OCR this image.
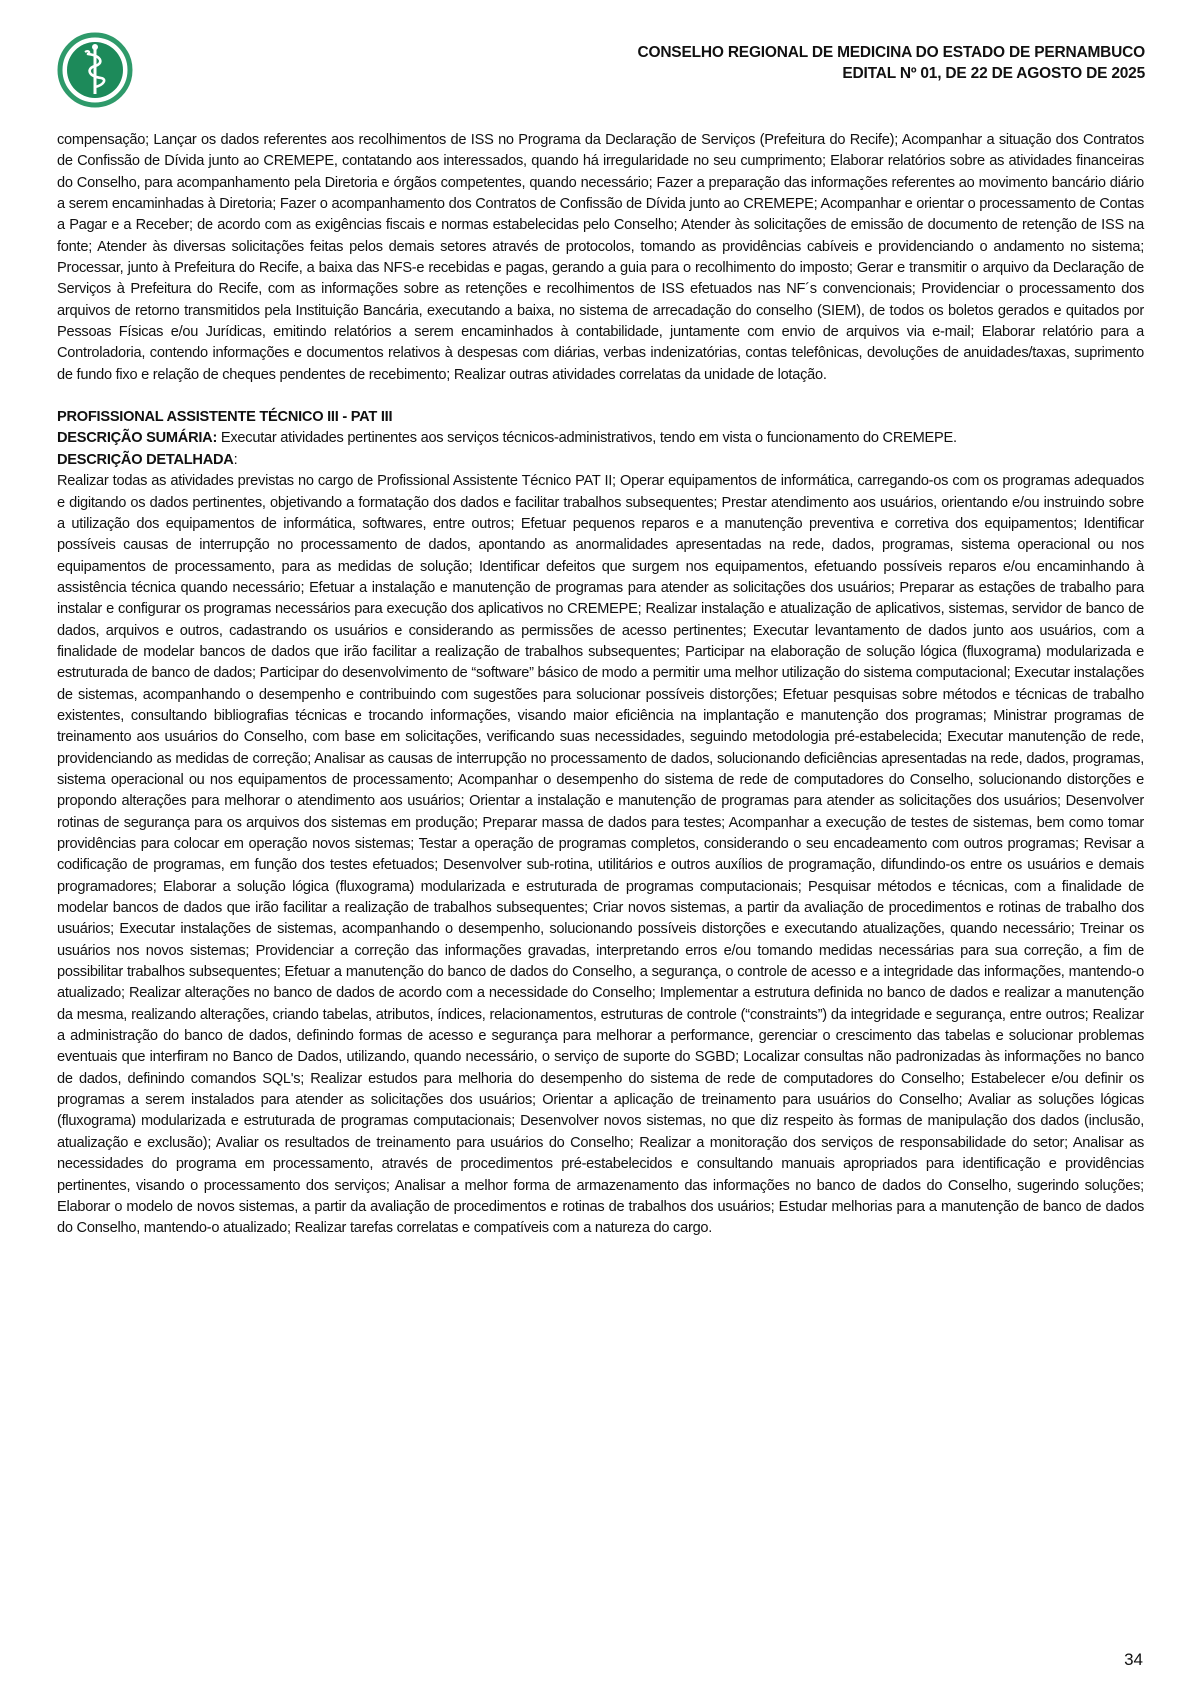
CONSELHO REGIONAL DE MEDICINA DO ESTADO DE PERNAMBUCO
EDITAL Nº 01, DE 22 DE AGOSTO DE 2025

compensação; Lançar os dados referentes aos recolhimentos de ISS no Programa da Declaração de Serviços (Prefeitura do Recife); Acompanhar a situação dos Contratos de Confissão de Dívida junto ao CREMEPE, contatando aos interessados, quando há irregularidade no seu cumprimento; Elaborar relatórios sobre as atividades financeiras do Conselho, para acompanhamento pela Diretoria e órgãos competentes, quando necessário; Fazer a preparação das informações referentes ao movimento bancário diário a serem encaminhadas à Diretoria; Fazer o acompanhamento dos Contratos de Confissão de Dívida junto ao CREMEPE; Acompanhar e orientar o processamento de Contas a Pagar e a Receber; de acordo com as exigências fiscais e normas estabelecidas pelo Conselho; Atender às solicitações de emissão de documento de retenção de ISS na fonte; Atender às diversas solicitações feitas pelos demais setores através de protocolos, tomando as providências cabíveis e providenciando o andamento no sistema; Processar, junto à Prefeitura do Recife, a baixa das NFS-e recebidas e pagas, gerando a guia para o recolhimento do imposto; Gerar e transmitir o arquivo da Declaração de Serviços à Prefeitura do Recife, com as informações sobre as retenções e recolhimentos de ISS efetuados nas NF´s convencionais; Providenciar o processamento dos arquivos de retorno transmitidos pela Instituição Bancária, executando a baixa, no sistema de arrecadação do conselho (SIEM), de todos os boletos gerados e quitados por Pessoas Físicas e/ou Jurídicas, emitindo relatórios a serem encaminhados à contabilidade, juntamente com envio de arquivos via e-mail; Elaborar relatório para a Controladoria, contendo informações e documentos relativos à despesas com diárias, verbas indenizatórias, contas telefônicas, devoluções de anuidades/taxas, suprimento de fundo fixo e relação de cheques pendentes de recebimento; Realizar outras atividades correlatas da unidade de lotação.

PROFISSIONAL ASSISTENTE TÉCNICO III - PAT III

DESCRIÇÃO SUMÁRIA: Executar atividades pertinentes aos serviços técnicos-administrativos, tendo em vista o funcionamento do CREMEPE.

DESCRIÇÃO DETALHADA:

Realizar todas as atividades previstas no cargo de Profissional Assistente Técnico PAT II; Operar equipamentos de informática, carregando-os com os programas adequados e digitando os dados pertinentes, objetivando a formatação dos dados e facilitar trabalhos subsequentes; Prestar atendimento aos usuários, orientando e/ou instruindo sobre a utilização dos equipamentos de informática, softwares, entre outros; Efetuar pequenos reparos e a manutenção preventiva e corretiva dos equipamentos; Identificar possíveis causas de interrupção no processamento de dados, apontando as anormalidades apresentadas na rede, dados, programas, sistema operacional ou nos equipamentos de processamento, para as medidas de solução; Identificar defeitos que surgem nos equipamentos, efetuando possíveis reparos e/ou encaminhando à assistência técnica quando necessário; Efetuar a instalação e manutenção de programas para atender as solicitações dos usuários; Preparar as estações de trabalho para instalar e configurar os programas necessários para execução dos aplicativos no CREMEPE; Realizar instalação e atualização de aplicativos, sistemas, servidor de banco de dados, arquivos e outros, cadastrando os usuários e considerando as permissões de acesso pertinentes; Executar levantamento de dados junto aos usuários, com a finalidade de modelar bancos de dados que irão facilitar a realização de trabalhos subsequentes; Participar na elaboração de solução lógica (fluxograma) modularizada e estruturada de banco de dados; Participar do desenvolvimento de “software” básico de modo a permitir uma melhor utilização do sistema computacional; Executar instalações de sistemas, acompanhando o desempenho e contribuindo com sugestões para solucionar possíveis distorções; Efetuar pesquisas sobre métodos e técnicas de trabalho existentes, consultando bibliografias técnicas e trocando informações, visando maior eficiência na implantação e manutenção dos programas; Ministrar programas de treinamento aos usuários do Conselho, com base em solicitações, verificando suas necessidades, seguindo metodologia pré-estabelecida; Executar manutenção de rede, providenciando as medidas de correção; Analisar as causas de interrupção no processamento de dados, solucionando deficiências apresentadas na rede, dados, programas, sistema operacional ou nos equipamentos de processamento; Acompanhar o desempenho do sistema de rede de computadores do Conselho, solucionando distorções e propondo alterações para melhorar o atendimento aos usuários; Orientar a instalação e manutenção de programas para atender as solicitações dos usuários; Desenvolver rotinas de segurança para os arquivos dos sistemas em produção; Preparar massa de dados para testes; Acompanhar a execução de testes de sistemas, bem como tomar providências para colocar em operação novos sistemas; Testar a operação de programas completos, considerando o seu encadeamento com outros programas; Revisar a codificação de programas, em função dos testes efetuados; Desenvolver sub-rotina, utilitários e outros auxílios de programação, difundindo-os entre os usuários e demais programadores; Elaborar a solução lógica (fluxograma) modularizada e estruturada de programas computacionais; Pesquisar métodos e técnicas, com a finalidade de modelar bancos de dados que irão facilitar a realização de trabalhos subsequentes; Criar novos sistemas, a partir da avaliação de procedimentos e rotinas de trabalho dos usuários; Executar instalações de sistemas, acompanhando o desempenho, solucionando possíveis distorções e executando atualizações, quando necessário; Treinar os usuários nos novos sistemas; Providenciar a correção das informações gravadas, interpretando erros e/ou tomando medidas necessárias para sua correção, a fim de possibilitar trabalhos subsequentes; Efetuar a manutenção do banco de dados do Conselho, a segurança, o controle de acesso e a integridade das informações, mantendo-o atualizado; Realizar alterações no banco de dados de acordo com a necessidade do Conselho; Implementar a estrutura definida no banco de dados e realizar a manutenção da mesma, realizando alterações, criando tabelas, atributos, índices, relacionamentos, estruturas de controle (“constraints”) da integridade e segurança, entre outros; Realizar a administração do banco de dados, definindo formas de acesso e segurança para melhorar a performance, gerenciar o crescimento das tabelas e solucionar problemas eventuais que interfiram no Banco de Dados, utilizando, quando necessário, o serviço de suporte do SGBD; Localizar consultas não padronizadas às informações no banco de dados, definindo comandos SQL's; Realizar estudos para melhoria do desempenho do sistema de rede de computadores do Conselho; Estabelecer e/ou definir os programas a serem instalados para atender as solicitações dos usuários; Orientar a aplicação de treinamento para usuários do Conselho; Avaliar as soluções lógicas (fluxograma) modularizada e estruturada de programas computacionais; Desenvolver novos sistemas, no que diz respeito às formas de manipulação dos dados (inclusão, atualização e exclusão); Avaliar os resultados de treinamento para usuários do Conselho; Realizar a monitoração dos serviços de responsabilidade do setor; Analisar as necessidades do programa em processamento, através de procedimentos pré-estabelecidos e consultando manuais apropriados para identificação e providências pertinentes, visando o processamento dos serviços; Analisar a melhor forma de armazenamento das informações no banco de dados do Conselho, sugerindo soluções; Elaborar o modelo de novos sistemas, a partir da avaliação de procedimentos e rotinas de trabalhos dos usuários; Estudar melhorias para a manutenção de banco de dados do Conselho, mantendo-o atualizado; Realizar tarefas correlatas e compatíveis com a natureza do cargo.

34
